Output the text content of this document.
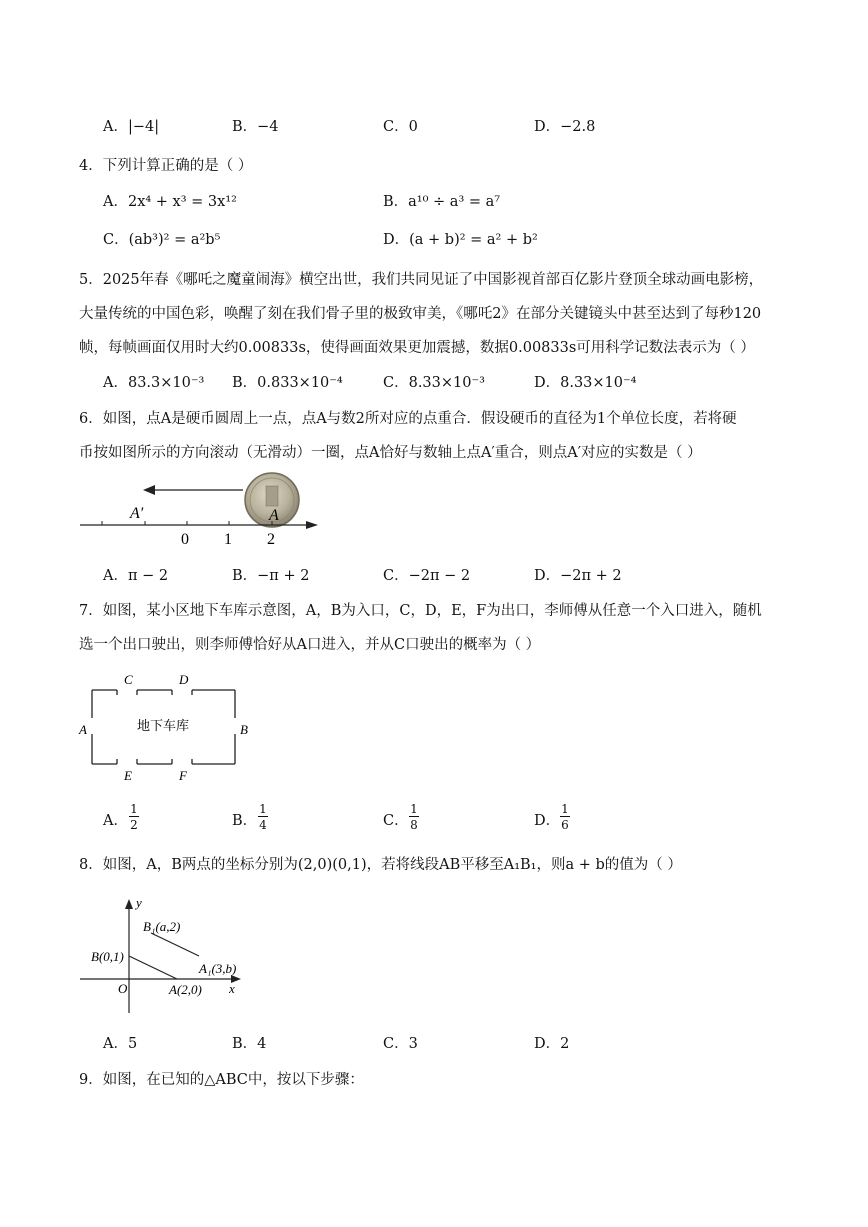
A．|−4|	B．−4	C．0	D．−2.8
4．下列计算正确的是（ ）
A．2x⁴ + x³ = 3x¹²	B．a¹⁰ ÷ a³ = a⁷
C．(ab³)² = a²b⁵	D．(a + b)² = a² + b²
5．2025年春《哪吒之魔童闹海》横空出世，我们共同见证了中国影视首部百亿影片登顶全球动画电影榜，
大量传统的中国色彩，唤醒了刻在我们骨子里的极致审美，《哪吒2》在部分关键镜头中甚至达到了每秒120
帧，每帧画面仅用时大约0.00833s，使得画面效果更加震撼，数据0.00833s可用科学记数法表示为（ ）
A．83.3×10⁻³ B．0.833×10⁻⁴	C．8.33×10⁻³	D．8.33×10⁻⁴
6．如图，点A是硬币圆周上一点，点A与数2所对应的点重合．假设硬币的直径为1个单位长度，若将硬
币按如图所示的方向滚动（无滑动）一圈，点A恰好与数轴上点A′重合，则点A′对应的实数是（ ）
A′	A
0 1 2
A．π − 2	B．−π + 2	C．−2π − 2	D．−2π + 2
7．如图，某小区地下车库示意图，A，B为入口，C，D，E，F为出口，李师傅从任意一个入口进入，随机
选一个出口驶出，则李师傅恰好从A口进入，并从C口驶出的概率为（ ）
地下车库
A	B
C	D
E	F
A．
1
2	B．
1
4	C．
1
8	D．
1
6
8．如图，A，B两点的坐标分别为(2,0)(0,1)，若将线段AB平移至A₁B₁，则a + b的值为（ ）
y
x
O
B(0,1)
A(2,0)
B₁(a,2)
A₁(3,b)
A．5	B．4	C．3	D．2
9．如图，在已知的△ABC中，按以下步骤：
